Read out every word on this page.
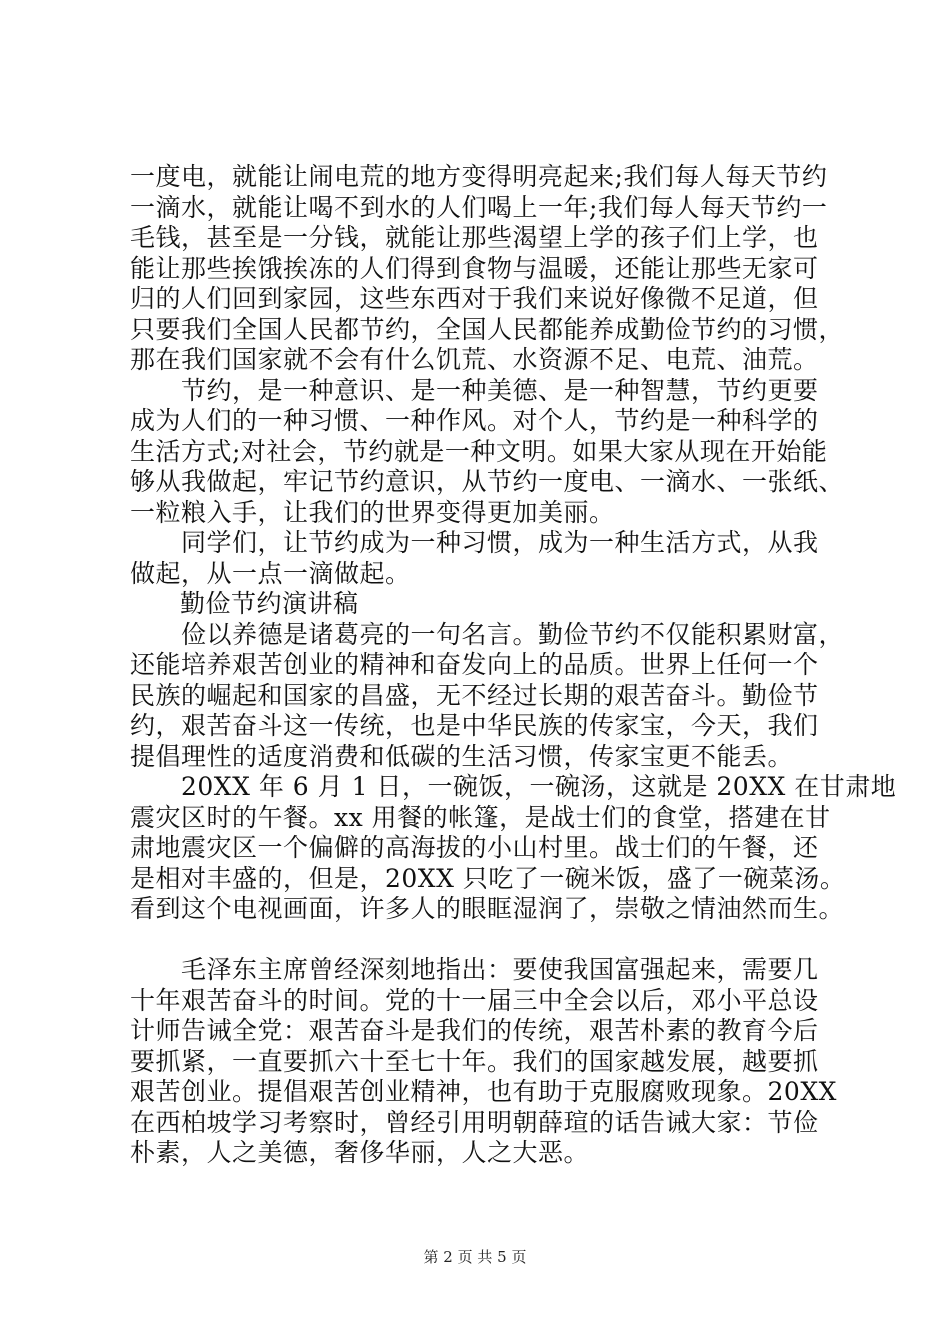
一度电，就能让闹电荒的地方变得明亮起来;我们每人每天节约
一滴水，就能让喝不到水的人们喝上一年;我们每人每天节约一
毛钱，甚至是一分钱，就能让那些渴望上学的孩子们上学，也
能让那些挨饿挨冻的人们得到食物与温暖，还能让那些无家可
归的人们回到家园，这些东西对于我们来说好像微不足道，但
只要我们全国人民都节约，全国人民都能养成勤俭节约的习惯，
那在我们国家就不会有什么饥荒、水资源不足、电荒、油荒。
节约，是一种意识、是一种美德、是一种智慧，节约更要
成为人们的一种习惯、一种作风。对个人，节约是一种科学的
生活方式;对社会，节约就是一种文明。如果大家从现在开始能
够从我做起，牢记节约意识，从节约一度电、一滴水、一张纸、
一粒粮入手，让我们的世界变得更加美丽。
同学们，让节约成为一种习惯，成为一种生活方式，从我
做起，从一点一滴做起。
勤俭节约演讲稿
俭以养德是诸葛亮的一句名言。勤俭节约不仅能积累财富，
还能培养艰苦创业的精神和奋发向上的品质。世界上任何一个
民族的崛起和国家的昌盛，无不经过长期的艰苦奋斗。勤俭节
约，艰苦奋斗这一传统，也是中华民族的传家宝，今天，我们
提倡理性的适度消费和低碳的生活习惯，传家宝更不能丢。
20XX 年 6 月 1 日，一碗饭，一碗汤，这就是 20XX 在甘肃地
震灾区时的午餐。xx 用餐的帐篷，是战士们的食堂，搭建在甘
肃地震灾区一个偏僻的高海拔的小山村里。战士们的午餐，还
是相对丰盛的，但是，20XX 只吃了一碗米饭，盛了一碗菜汤。
看到这个电视画面，许多人的眼眶湿润了，崇敬之情油然而生。
毛泽东主席曾经深刻地指出：要使我国富强起来，需要几
十年艰苦奋斗的时间。党的十一届三中全会以后，邓小平总设
计师告诫全党：艰苦奋斗是我们的传统，艰苦朴素的教育今后
要抓紧，一直要抓六十至七十年。我们的国家越发展，越要抓
艰苦创业。提倡艰苦创业精神，也有助于克服腐败现象。20XX
在西柏坡学习考察时，曾经引用明朝薛瑄的话告诫大家：节俭
朴素，人之美德，奢侈华丽，人之大恶。
第 2 页 共 5 页
